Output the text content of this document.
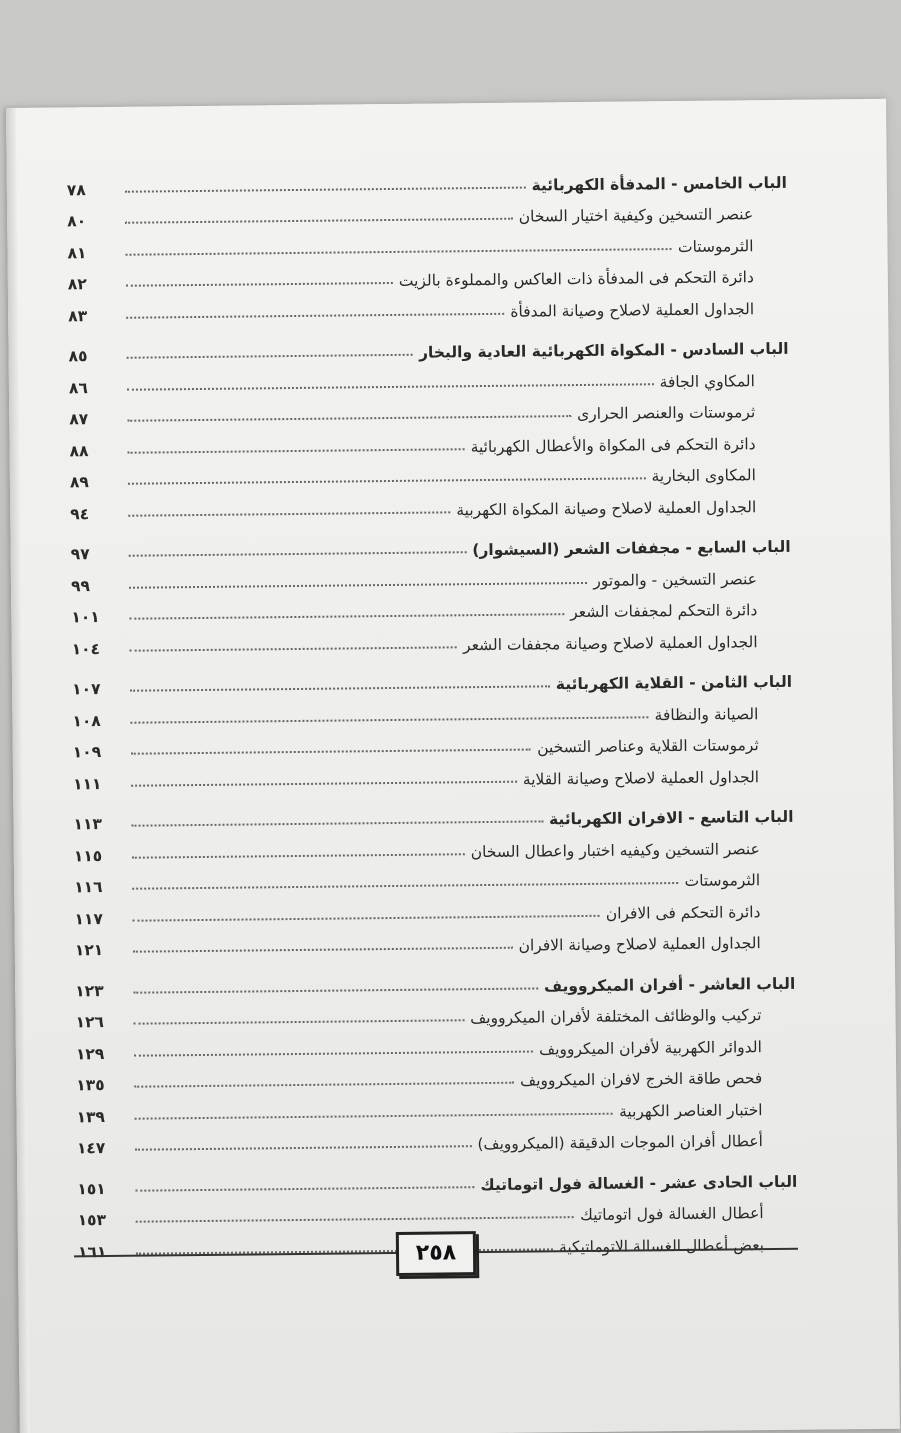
الباب الخامس - المدفأة الكهربائية
٧٨
عنصر التسخين وكيفية اختيار السخان
٨٠
الثرموستات
٨١
دائرة التحكم فى المدفأة ذات العاكس والمملوءة بالزيت
٨٢
الجداول العملية لاصلاح وصيانة المدفأة
٨٣
الباب السادس - المكواة الكهربائية العادية والبخار
٨٥
المكاوي الجافة
٨٦
ثرموستات والعنصر الحرارى
٨٧
دائرة التحكم فى المكواة والأعطال الكهربائية
٨٨
المكاوى البخارية
٨٩
الجداول العملية لاصلاح وصيانة المكواة الكهربية
٩٤
الباب السابع - مجففات الشعر (السيشوار)
٩٧
عنصر التسخين - والموتور
٩٩
دائرة التحكم لمجففات الشعر
١٠١
الجداول العملية لاصلاح وصيانة مجففات الشعر
١٠٤
الباب الثامن - القلاية الكهربائية
١٠٧
الصيانة والنظافة
١٠٨
ثرموستات القلاية وعناصر التسخين
١٠٩
الجداول العملية لاصلاح وصيانة القلاية
١١١
الباب التاسع - الافران الكهربائية
١١٣
عنصر التسخين وكيفيه اختبار واعطال السخان
١١٥
الثرموستات
١١٦
دائرة التحكم فى الافران
١١٧
الجداول العملية لاصلاح وصيانة الافران
١٢١
الباب العاشر - أفران الميكروويف
١٢٣
تركيب والوظائف المختلفة لأفران الميكروويف
١٢٦
الدوائر الكهربية لأفران الميكروويف
١٢٩
فحص طاقة الخرج لافران الميكروويف
١٣٥
اختبار العناصر الكهربية
١٣٩
أعطال أفران الموجات الدقيقة (الميكروويف)
١٤٧
الباب الحادى عشر - الغسالة فول اتوماتيك
١٥١
أعطال الغسالة فول اتوماتيك
١٥٣
بعض أعطال الغسالة الاتوماتيكية
١٦١	٢٥٨
